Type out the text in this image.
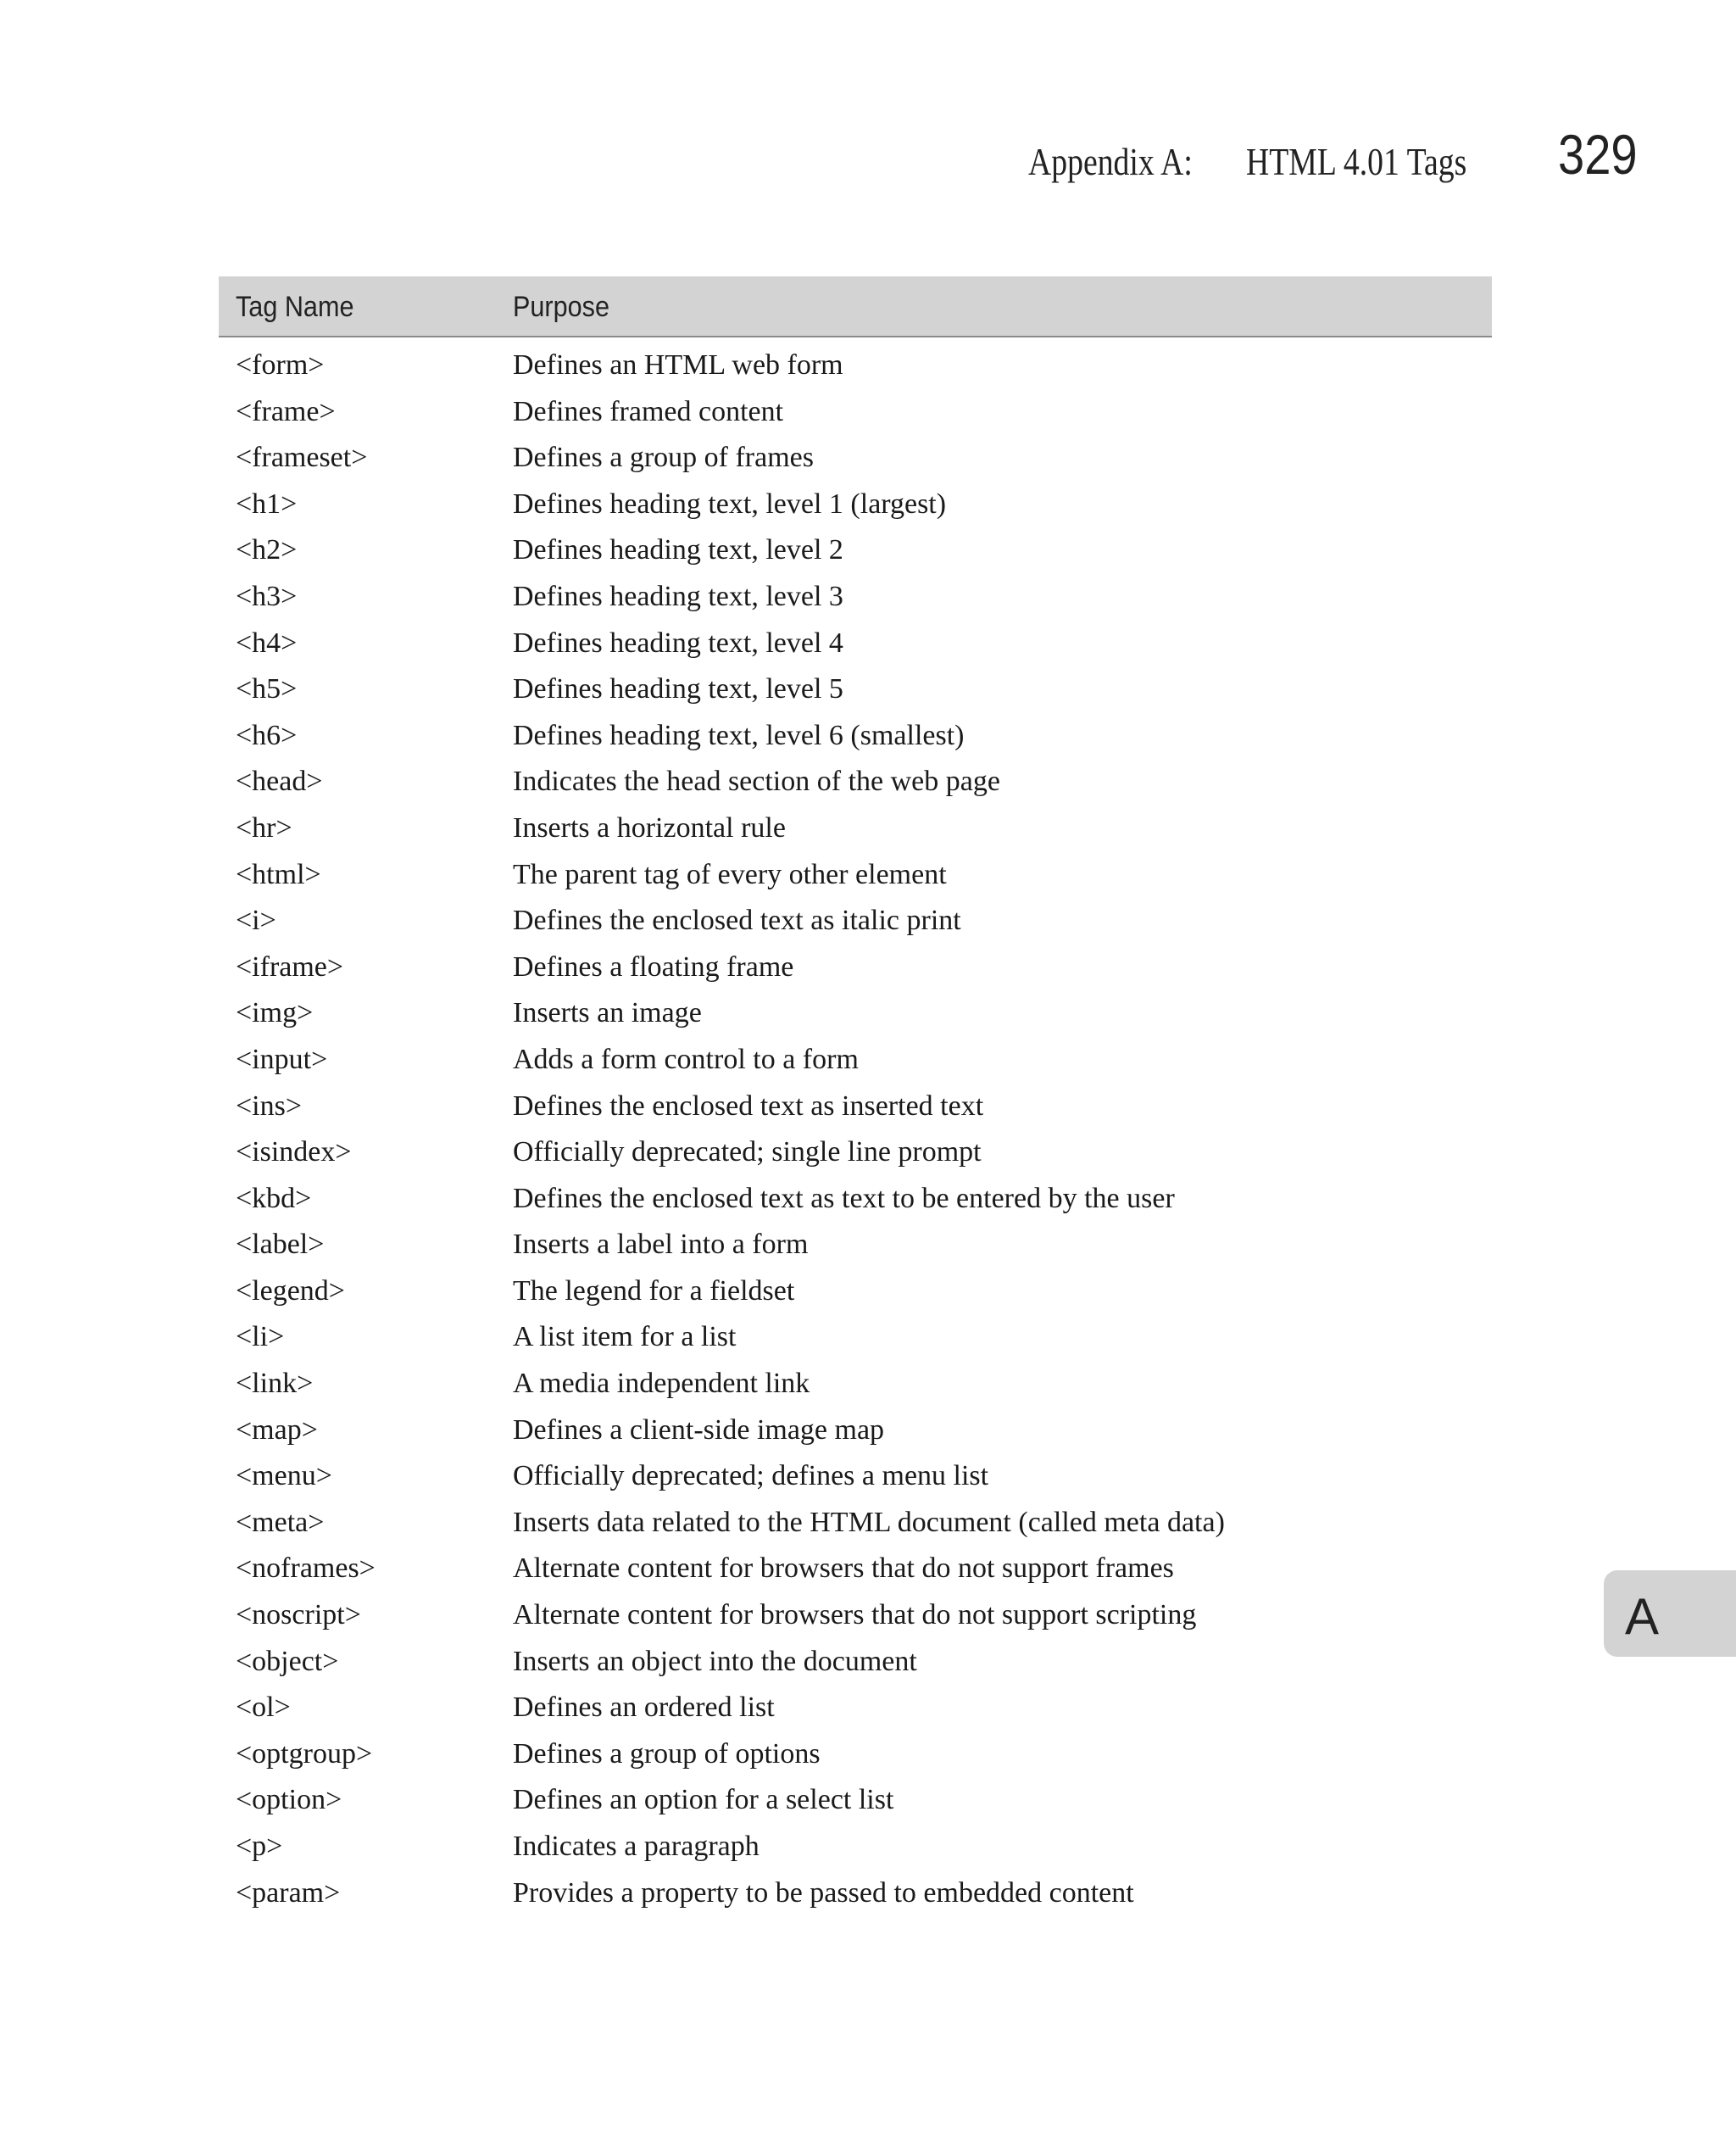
Appendix A: HTML 4.01 Tags 329
Tag Name	Purpose
<form>	Defines an HTML web form
<frame>	Defines framed content
<frameset>	Defines a group of frames
<h1>	Defines heading text, level 1 (largest)
<h2>	Defines heading text, level 2
<h3>	Defines heading text, level 3
<h4>	Defines heading text, level 4
<h5>	Defines heading text, level 5
<h6>	Defines heading text, level 6 (smallest)
<head>	Indicates the head section of the web page
<hr>	Inserts a horizontal rule
<html>	The parent tag of every other element
<i>	Defines the enclosed text as italic print
<iframe>	Defines a floating frame
<img>	Inserts an image
<input>	Adds a form control to a form
<ins>	Defines the enclosed text as inserted text
<isindex>	Officially deprecated; single line prompt
<kbd>	Defines the enclosed text as text to be entered by the user
<label>	Inserts a label into a form
<legend>	The legend for a fieldset
<li>	A list item for a list
<link>	A media independent link
<map>	Defines a client-side image map
<menu>	Officially deprecated; defines a menu list
<meta>	Inserts data related to the HTML document (called meta data)
<noframes>	Alternate content for browsers that do not support frames
<noscript>	Alternate content for browsers that do not support scripting
<object>	Inserts an object into the document
<ol>	Defines an ordered list
<optgroup>	Defines a group of options
<option>	Defines an option for a select list
<p>	Indicates a paragraph
<param>	Provides a property to be passed to embedded content
A
